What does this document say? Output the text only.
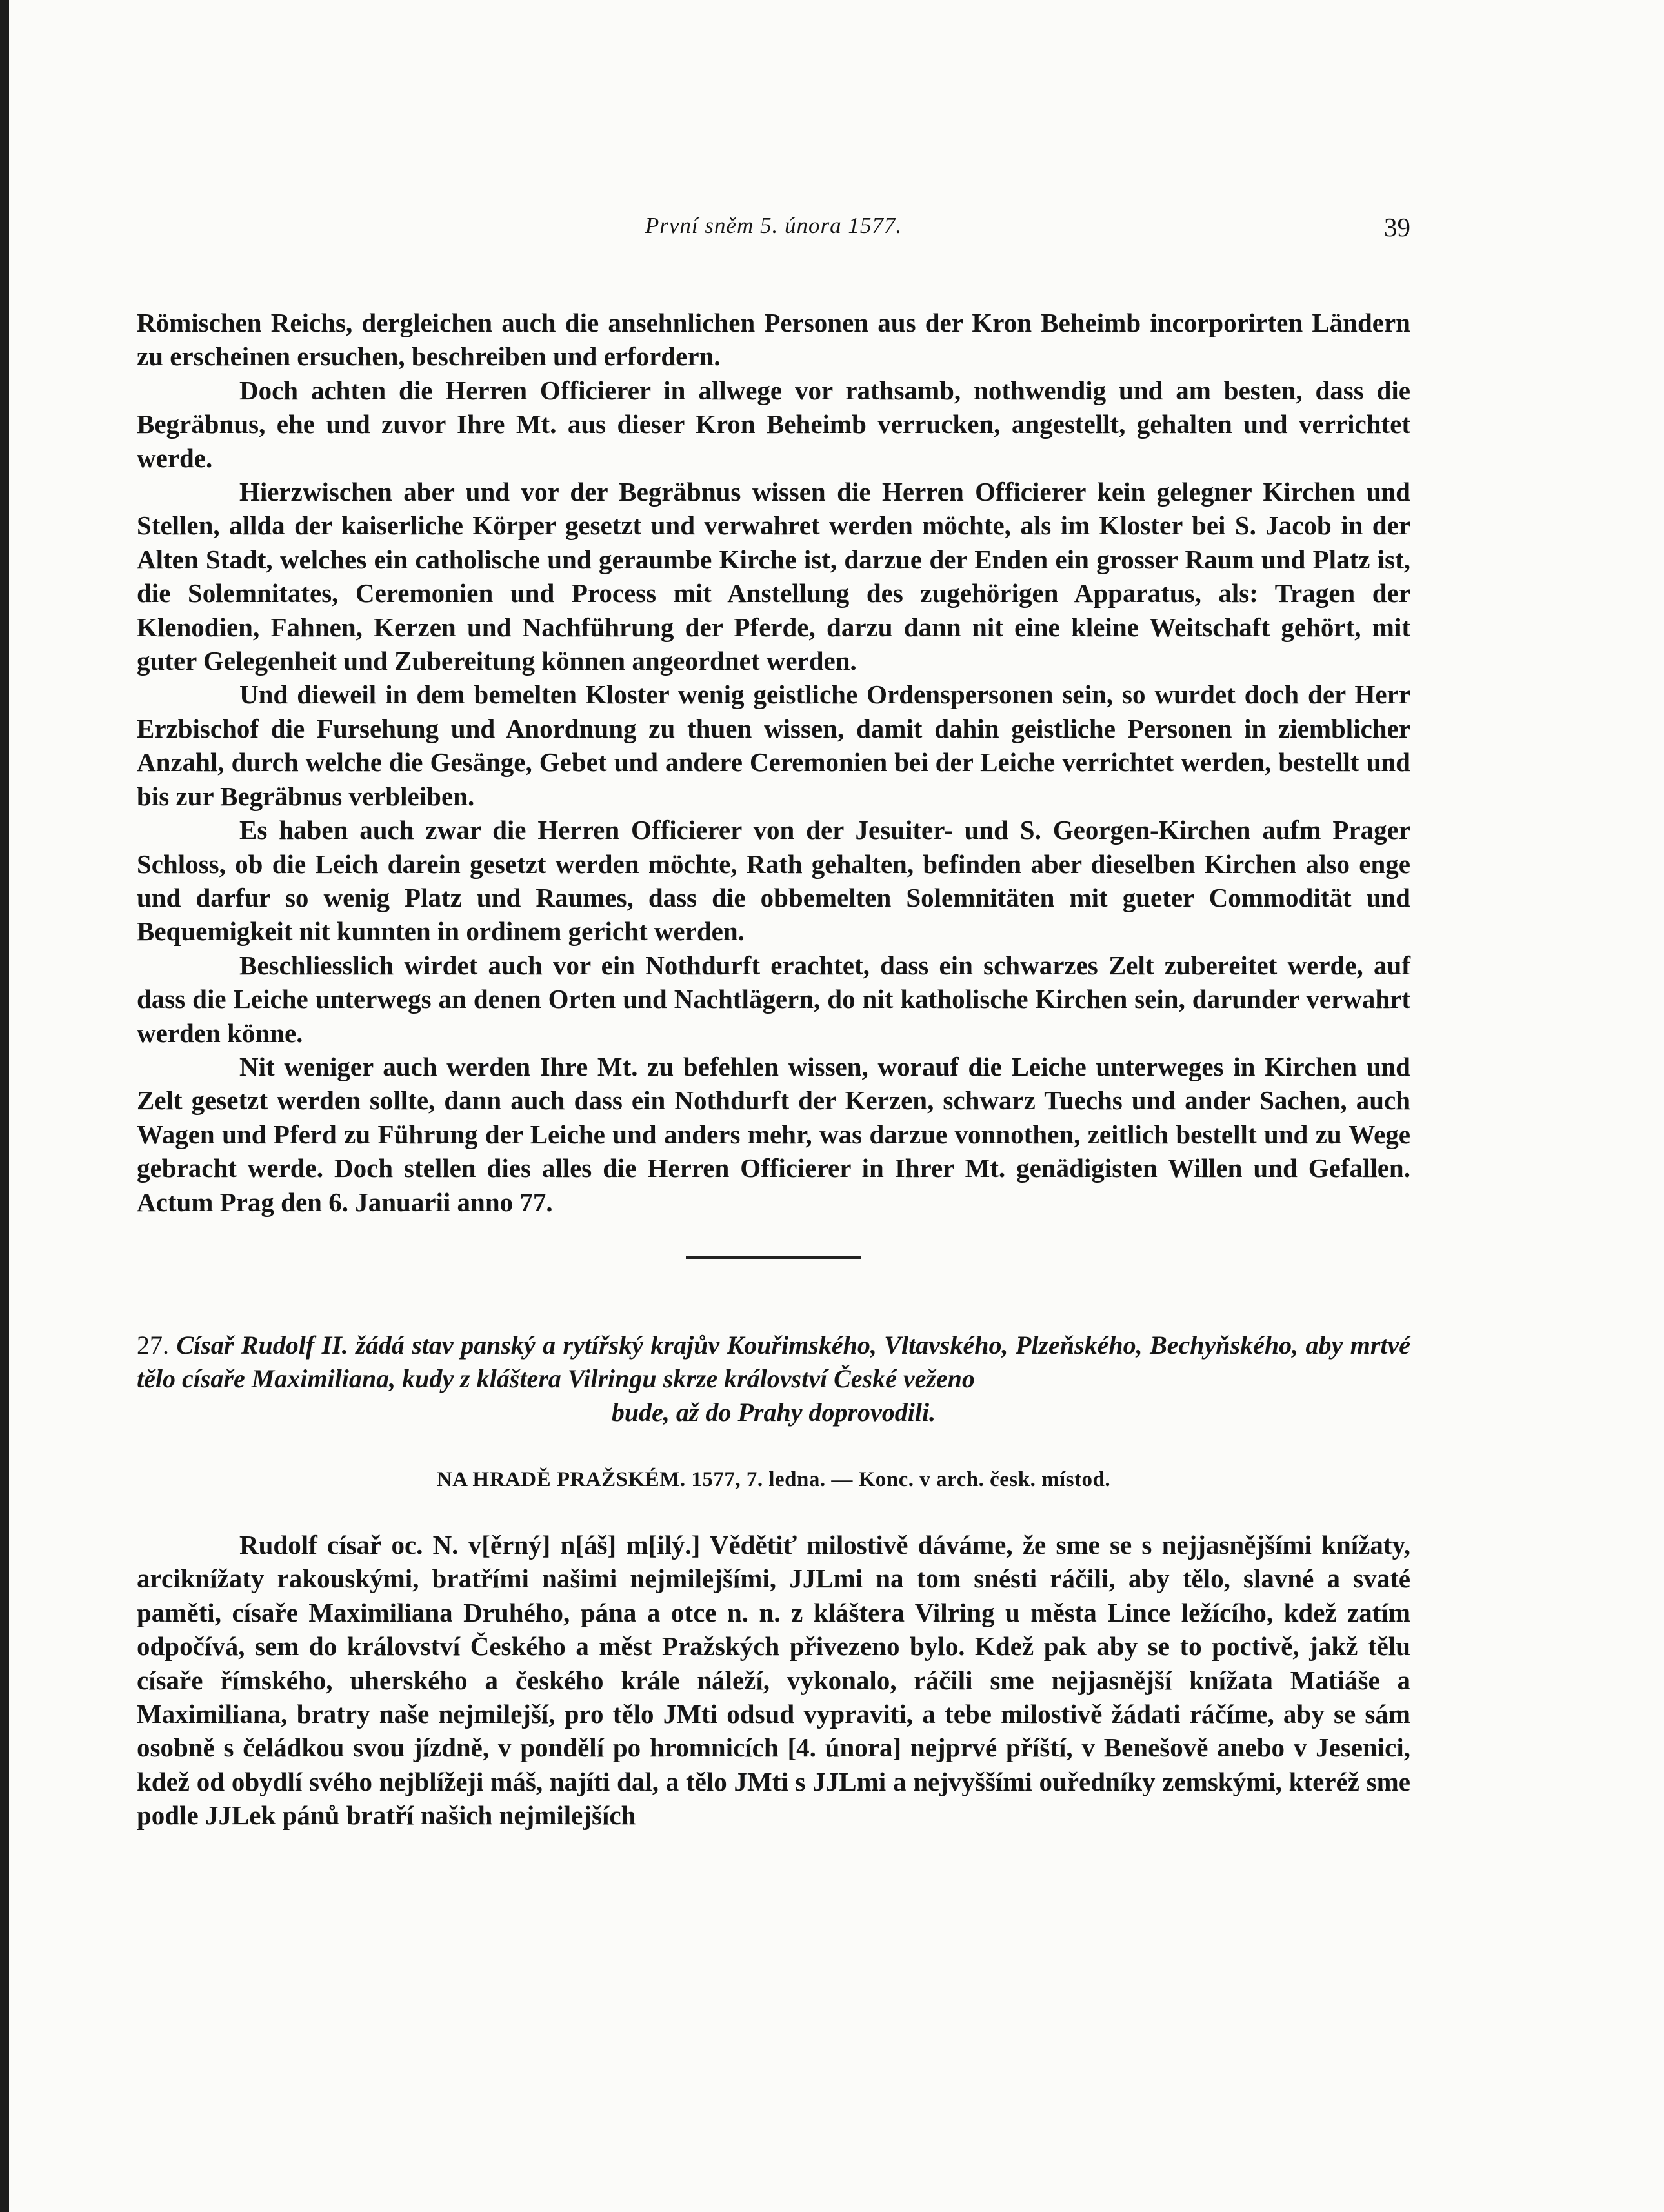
První sněm 5. února 1577.	39

Römischen Reichs, dergleichen auch die ansehnlichen Personen aus der Kron Beheimb incorporirten Ländern zu erscheinen ersuchen, beschreiben und erfordern.

Doch achten die Herren Officierer in allwege vor rathsamb, nothwendig und am besten, dass die Begräbnus, ehe und zuvor Ihre Mt. aus dieser Kron Beheimb verrucken, angestellt, gehalten und verrichtet werde.

Hierzwischen aber und vor der Begräbnus wissen die Herren Officierer kein gelegner Kirchen und Stellen, allda der kaiserliche Körper gesetzt und verwahret werden möchte, als im Kloster bei S. Jacob in der Alten Stadt, welches ein catholische und geraumbe Kirche ist, darzue der Enden ein grosser Raum und Platz ist, die Solemnitates, Ceremonien und Process mit Anstellung des zugehörigen Apparatus, als: Tragen der Klenodien, Fahnen, Kerzen und Nachführung der Pferde, darzu dann nit eine kleine Weitschaft gehört, mit guter Gelegenheit und Zubereitung können angeordnet werden.

Und dieweil in dem bemelten Kloster wenig geistliche Ordenspersonen sein, so wurdet doch der Herr Erzbischof die Fursehung und Anordnung zu thuen wissen, damit dahin geistliche Personen in ziemblicher Anzahl, durch welche die Gesänge, Gebet und andere Ceremonien bei der Leiche verrichtet werden, bestellt und bis zur Begräbnus verbleiben.

Es haben auch zwar die Herren Officierer von der Jesuiter- und S. Georgen-Kirchen aufm Prager Schloss, ob die Leich darein gesetzt werden möchte, Rath gehalten, befinden aber dieselben Kirchen also enge und darfur so wenig Platz und Raumes, dass die obbemelten Solemnitäten mit gueter Commodität und Bequemigkeit nit kunnten in ordinem gericht werden.

Beschliesslich wirdet auch vor ein Nothdurft erachtet, dass ein schwarzes Zelt zubereitet werde, auf dass die Leiche unterwegs an denen Orten und Nachtlägern, do nit katholische Kirchen sein, darunder verwahrt werden könne.

Nit weniger auch werden Ihre Mt. zu befehlen wissen, worauf die Leiche unterweges in Kirchen und Zelt gesetzt werden sollte, dann auch dass ein Nothdurft der Kerzen, schwarz Tuechs und ander Sachen, auch Wagen und Pferd zu Führung der Leiche und anders mehr, was darzue vonnothen, zeitlich bestellt und zu Wege gebracht werde. Doch stellen dies alles die Herren Officierer in Ihrer Mt. genädigisten Willen und Gefallen. Actum Prag den 6. Januarii anno 77.

27. Císař Rudolf II. žádá stav panský a rytířský krajův Kouřimského, Vltavského, Plzeňského, Bechyňského, aby mrtvé tělo císaře Maximiliana, kudy z kláštera Vilringu skrze království České veženo
bude, až do Prahy doprovodili.
NA HRADĚ PRAŽSKÉM. 1577, 7. ledna. — Konc. v arch. česk. místod.
Rudolf císař oc. N. v[ěrný] n[áš] m[ilý.] Vědětiť milostivě dáváme, že sme se s nejjasnějšími knížaty, arciknížaty rakouskými, bratřími našimi nejmilejšími, JJLmi na tom snésti ráčili, aby tělo, slavné a svaté paměti, císaře Maximiliana Druhého, pána a otce n. n. z kláštera Vilring u města Lince ležícího, kdež zatím odpočívá, sem do království Českého a měst Pražských přivezeno bylo. Kdež pak aby se to poctivě, jakž tělu císaře římského, uherského a českého krále náleží, vykonalo, ráčili sme nejjasnější knížata Matiáše a Maximiliana, bratry naše nejmilejší, pro tělo JMti odsud vypraviti, a tebe milostivě žádati ráčíme, aby se sám osobně s čeládkou svou jízdně, v pondělí po hromnicích [4. února] nejprvé příští, v Benešově anebo v Jesenici, kdež od obydlí svého nejblížeji máš, najíti dal, a tělo JMti s JJLmi a nejvyššími ouředníky zemskými, kteréž sme podle JJLek pánů bratří našich nejmilejších
